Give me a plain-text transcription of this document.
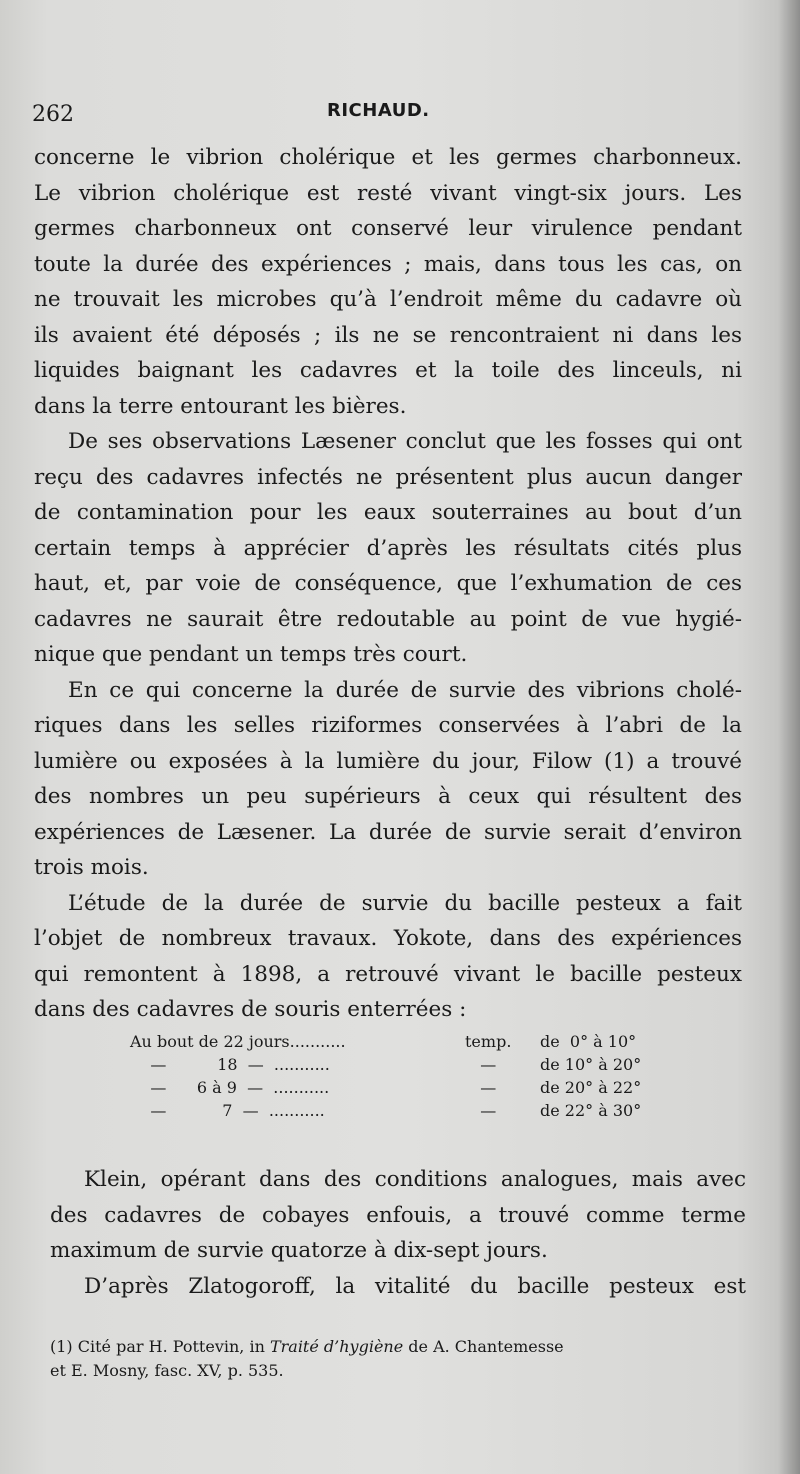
262	RICHAUD.
concerne le vibrion cholérique et les germes charbonneux.
Le vibrion cholérique est resté vivant vingt-six jours. Les
germes charbonneux ont conservé leur virulence pendant
toute la durée des expériences ; mais, dans tous les cas, on
ne trouvait les microbes qu’à l’endroit même du cadavre où
ils avaient été déposés ; ils ne se rencontraient ni dans les
liquides baignant les cadavres et la toile des linceuls, ni
dans la terre entourant les bières.
De ses observations Læsener conclut que les fosses qui ont
reçu des cadavres infectés ne présentent plus aucun danger
de contamination pour les eaux souterraines au bout d’un
certain temps à apprécier d’après les résultats cités plus
haut, et, par voie de conséquence, que l’exhumation de ces
cadavres ne saurait être redoutable au point de vue hygié-
nique que pendant un temps très court.
En ce qui concerne la durée de survie des vibrions cholé-
riques dans les selles riziformes conservées à l’abri de la
lumière ou exposées à la lumière du jour, Filow (1) a trouvé
des nombres un peu supérieurs à ceux qui résultent des
expériences de Læsener. La durée de survie serait d’environ
trois mois.
L’étude de la durée de survie du bacille pesteux a fait
l’objet de nombreux travaux. Yokote, dans des expériences
qui remontent à 1898, a retrouvé vivant le bacille pesteux
dans des cadavres de souris enterrées :
Au bout de 22 jours...........	temp.	de  0° à 10°
—          18  —  ...........	—	de 10° à 20°
—      6 à 9  —  ...........	—	de 20° à 22°
—           7  —  ...........	—	de 22° à 30°
Klein, opérant dans des conditions analogues, mais avec
des cadavres de cobayes enfouis, a trouvé comme terme
maximum de survie quatorze à dix-sept jours.
D’après Zlatogoroff, la vitalité du bacille pesteux est
(1) Cité par H. Pottevin, in Traité d’hygiène de A. Chantemesse
et E. Mosny, fasc. XV, p. 535.
